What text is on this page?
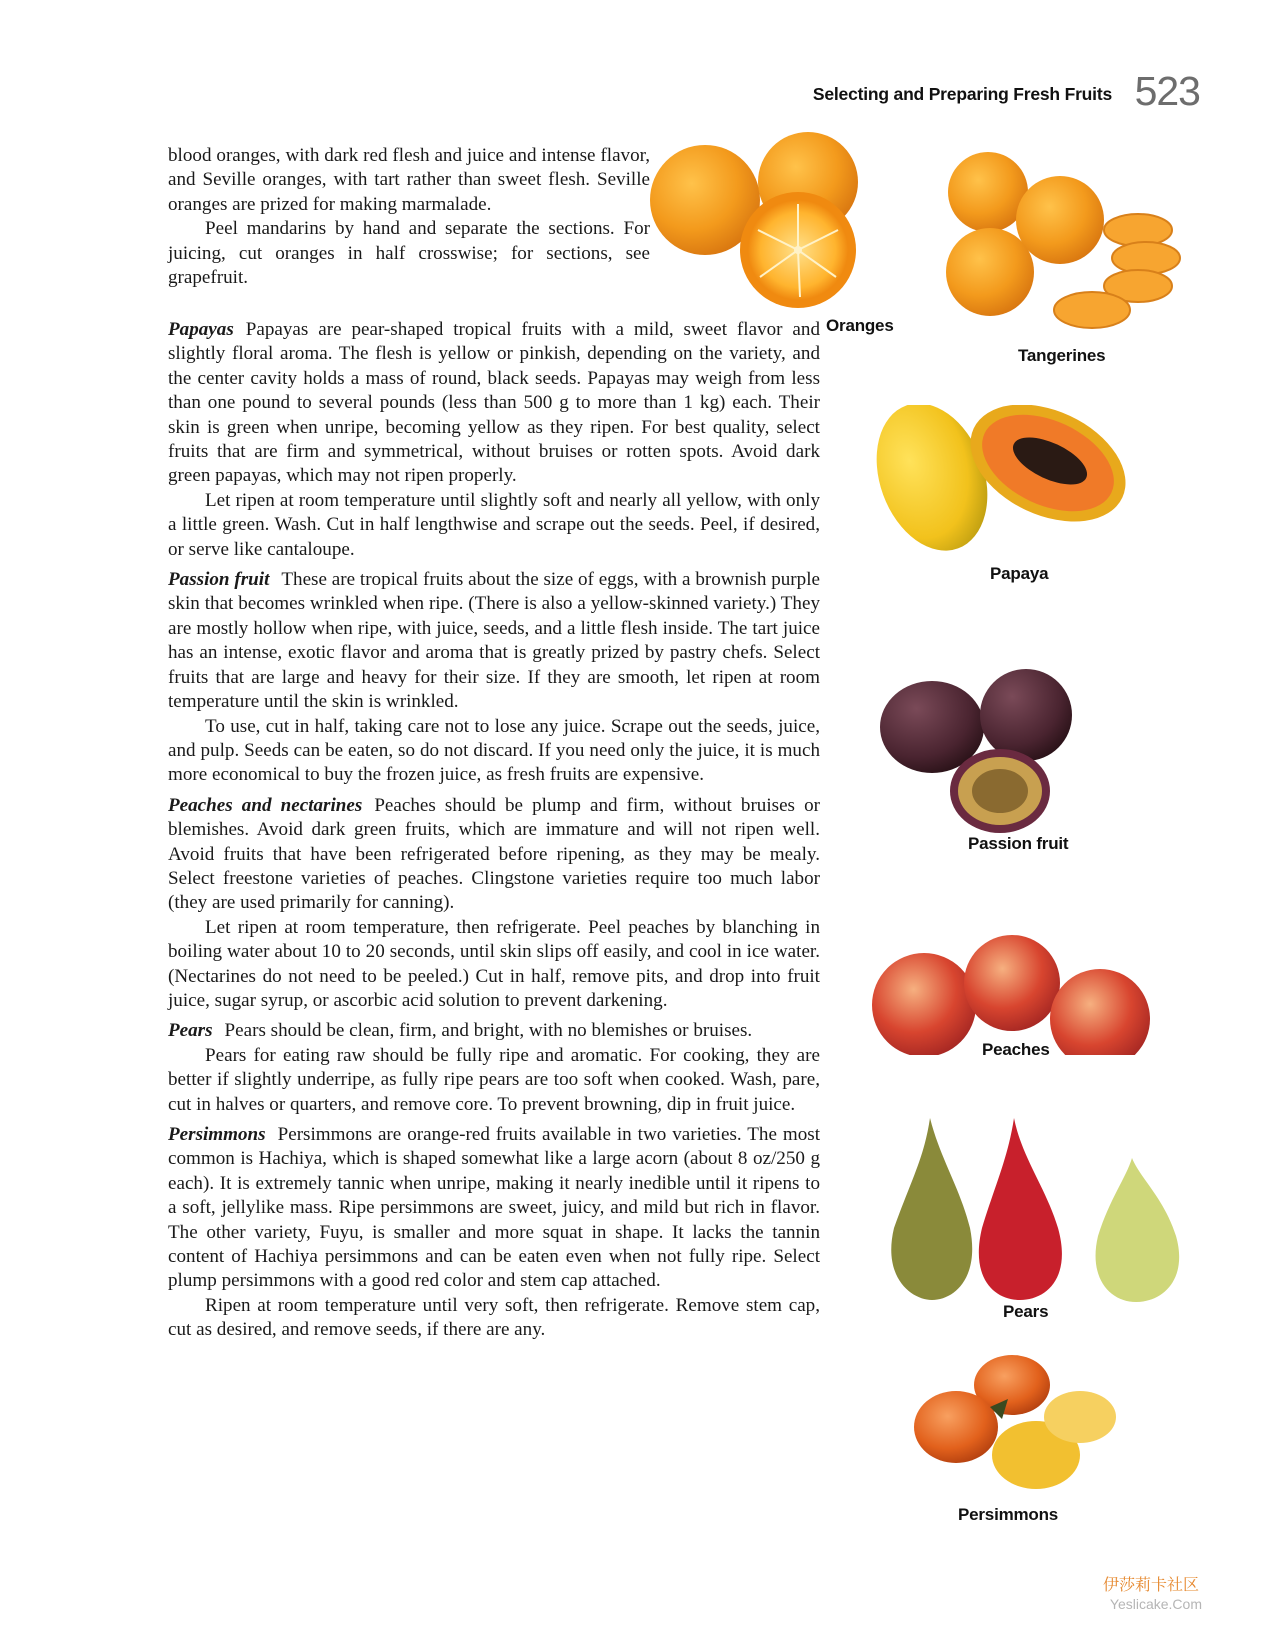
Selecting and Preparing Fresh Fruits 523

blood oranges, with dark red flesh and juice and intense flavor, and Seville oranges, with tart rather than sweet flesh. Seville oranges are prized for making marmalade.

Peel mandarins by hand and separate the sections. For juicing, cut oranges in half crosswise; for sections, see grapefruit.

Papayas Papayas are pear-shaped tropical fruits with a mild, sweet flavor and slightly floral aroma. The flesh is yellow or pinkish, depending on the variety, and the center cavity holds a mass of round, black seeds. Papayas may weigh from less than one pound to several pounds (less than 500 g to more than 1 kg) each. Their skin is green when unripe, becoming yellow as they ripen. For best quality, select fruits that are firm and symmetrical, without bruises or rotten spots. Avoid dark green papayas, which may not ripen properly.

Let ripen at room temperature until slightly soft and nearly all yellow, with only a little green. Wash. Cut in half lengthwise and scrape out the seeds. Peel, if desired, or serve like cantaloupe.

Passion fruit These are tropical fruits about the size of eggs, with a brownish purple skin that becomes wrinkled when ripe. (There is also a yellow-skinned variety.) They are mostly hollow when ripe, with juice, seeds, and a little flesh inside. The tart juice has an intense, exotic flavor and aroma that is greatly prized by pastry chefs. Select fruits that are large and heavy for their size. If they are smooth, let ripen at room temperature until the skin is wrinkled.

To use, cut in half, taking care not to lose any juice. Scrape out the seeds, juice, and pulp. Seeds can be eaten, so do not discard. If you need only the juice, it is much more economical to buy the frozen juice, as fresh fruits are expensive.

Peaches and nectarines Peaches should be plump and firm, without bruises or blemishes. Avoid dark green fruits, which are immature and will not ripen well. Avoid fruits that have been refrigerated before ripening, as they may be mealy. Select freestone varieties of peaches. Clingstone varieties require too much labor (they are used primarily for canning).

Let ripen at room temperature, then refrigerate. Peel peaches by blanching in boiling water about 10 to 20 seconds, until skin slips off easily, and cool in ice water. (Nectarines do not need to be peeled.) Cut in half, remove pits, and drop into fruit juice, sugar syrup, or ascorbic acid solution to prevent darkening.

Pears Pears should be clean, firm, and bright, with no blemishes or bruises.

Pears for eating raw should be fully ripe and aromatic. For cooking, they are better if slightly underripe, as fully ripe pears are too soft when cooked. Wash, pare, cut in halves or quarters, and remove core. To prevent browning, dip in fruit juice.

Persimmons Persimmons are orange-red fruits available in two varieties. The most common is Hachiya, which is shaped somewhat like a large acorn (about 8 oz/250 g each). It is extremely tannic when unripe, making it nearly inedible until it ripens to a soft, jellylike mass. Ripe persimmons are sweet, juicy, and mild but rich in flavor. The other variety, Fuyu, is smaller and more squat in shape. It lacks the tannin content of Hachiya persimmons and can be eaten even when not fully ripe. Select plump persimmons with a good red color and stem cap attached.

Ripen at room temperature until very soft, then refrigerate. Remove stem cap, cut as desired, and remove seeds, if there are any.

Oranges
Tangerines
Papaya
Passion fruit
Peaches
Pears
Persimmons
伊莎莉卡社区
Yeslicake.Com
